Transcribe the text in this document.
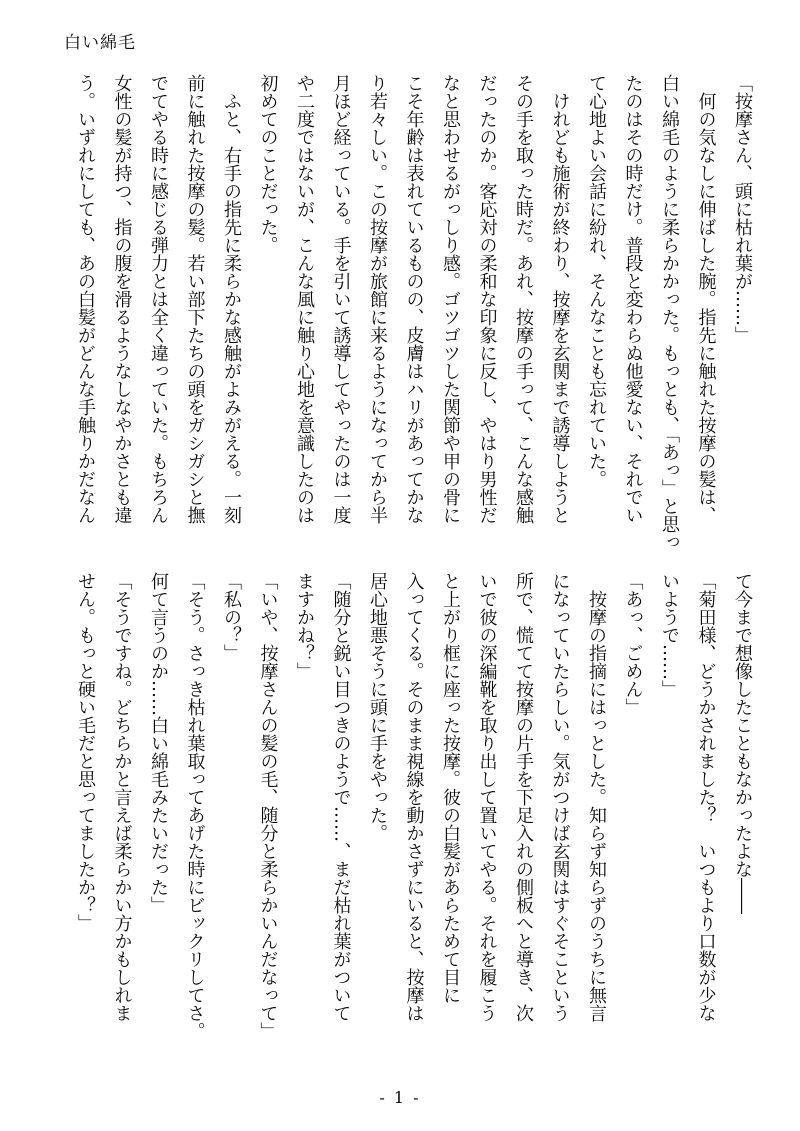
白い綿毛
「按摩さん、頭に枯れ葉が……」
　何の気なしに伸ばした腕。指先に触れた按摩の髪は、
白い綿毛のように柔らかかった。もっとも、「あっ」と思っ
たのはその時だけ。普段と変わらぬ他愛ない、それでい
て心地よい会話に紛れ、そんなことも忘れていた。
　けれども施術が終わり、按摩を玄関まで誘導しようと
その手を取った時だ。あれ、按摩の手って、こんな感触
だったのか。客応対の柔和な印象に反し、やはり男性だ
なと思わせるがっしり感。ゴツゴツした関節や甲の骨に
こそ年齢は表れているものの、皮膚はハリがあってかな
り若々しい。この按摩が旅館に来るようになってから半
月ほど経っている。手を引いて誘導してやったのは一度
や二度ではないが、こんな風に触り心地を意識したのは
初めてのことだった。
　ふと、右手の指先に柔らかな感触がよみがえる。一刻
前に触れた按摩の髪。若い部下たちの頭をガシガシと撫
でてやる時に感じる弾力とは全く違っていた。もちろん
女性の髪が持つ、指の腹を滑るようなしなやかさとも違
う。いずれにしても、あの白髪がどんな手触りかだなん
て今まで想像したこともなかったよな――
「菊田様、どうかされました？　いつもより口数が少な
いようで……」
「あっ、ごめん」
　按摩の指摘にはっとした。知らず知らずのうちに無言
になっていたらしい。気がつけば玄関はすぐそこという
所で、慌てて按摩の片手を下足入れの側板へと導き、次
いで彼の深編靴を取り出して置いてやる。それを履こう
と上がり框に座った按摩。彼の白髪があらためて目に
入ってくる。そのまま視線を動かさずにいると、按摩は
居心地悪そうに頭に手をやった。
「随分と鋭い目つきのようで……、まだ枯れ葉がついて
ますかね？」
「いや、按摩さんの髪の毛、随分と柔らかいんだなって」
「私の？」
「そう。さっき枯れ葉取ってあげた時にビックリしてさ。
何て言うのか……白い綿毛みたいだった」
「そうですね。どちらかと言えば柔らかい方かもしれま
せん。もっと硬い毛だと思ってましたか？」
- 1 -
